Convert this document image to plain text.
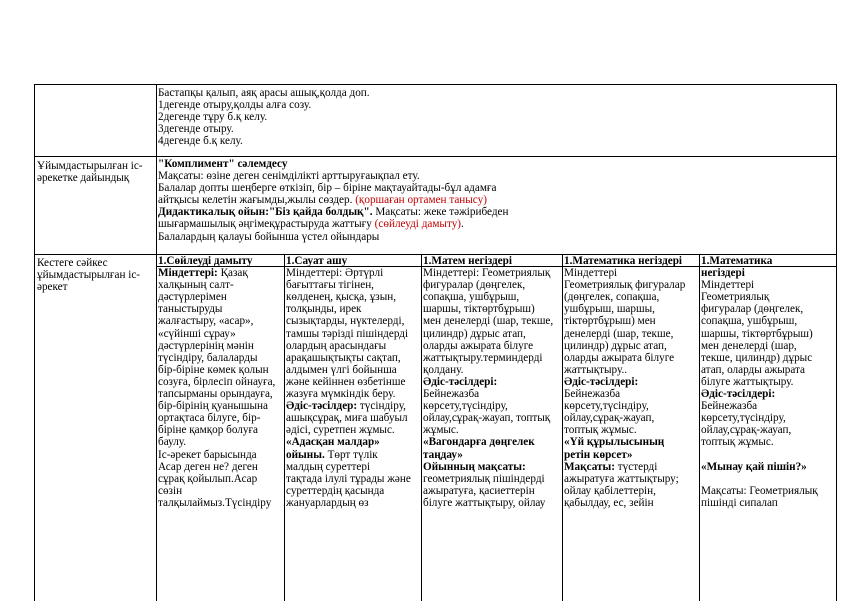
Бастапқы қалып, аяқ арасы ашық,қолда доп.

1дегенде отыру,қолды алға созу.

2дегенде тұру б.қ келу.

3дегенде отыру.

4дегенде б.қ келу.

Ұйымдастырылған іс-

әрекетке дайындық

"Комплимент" сәлемдесу

Мақсаты: өзіне деген сенімділікті арттыруғаықпал ету.

Балалар допты шеңберге өткізіп, бір – біріне мақтауайтады-бұл адамға

айтқысы келетін жағымды,жылы сөздер. (қоршаған ортамен танысу)

Дидактикалық ойын:"Біз қайда болдық". Мақсаты: жеке тәжірибеден

шығармашылық әңгімеқұрастыруда жаттығу (сөйлеуді дамыту).

Балалардың қалауы бойынша үстел ойындары

Кестеге сәйкес

ұйымдастырылған іс-

әрекет

1.Сөйлеуді дамыту

Міндеттері: Қазақ

халқының салт-

дәстүрлерімен

таныстыруды

жалғастыру, «асар»,

«сүйінші сұрау»

дәстүрлерінің мәнін

түсіндіру, балаларды

бір-біріне көмек қолын

созуға, бірлесіп ойнауға,

тапсырманы орындауға,

бір-бірінің қуанышына

ортақтаса білуге, бір-

біріне қамқор болуға

баулу.

Іс-әрекет барысында

Асар деген не? деген

сұрақ қойылып.Асар

сөзін

талқылаймыз.Түсіндіру

1.Сауат ашу

Міндеттері: Әртүрлі

бағыттағы тігінен,

көлденең, қысқа, ұзын,

толқынды, ирек

сызықтарды, нүктелерді,

тамшы тәрізді пішіндерді

олардың арасындағы

арақашықтықты сақтап,

алдымен үлгі бойынша

және кейіннен өзбетінше

жазуға мүмкіндік беру.

Әдіс-тәсілдер: түсіндіру,

ашықсұрақ, миға шабуыл

әдісі, суретпен жұмыс.

«Адасқан малдар»

ойыны. Төрт түлік

малдың суреттері

тақтада ілулі тұрады және

суреттердің қасында

жануарлардың өз

1.Матем негіздері

Міндеттері: Геометриялық

фигуралар (дөңгелек,

сопақша, ушбұрыш,

шаршы, тіктөртбұрыш)

мен денелерді (шар, текше,

цилиндр) дұрыс атап,

оларды ажырата білуге

жаттықтыру.терминдерді

қолдану.

Әдіс-тәсілдері:

Бейнежазба

көрсету,түсіндіру,

ойлау,сұрақ-жауап, топтық

жұмыс.

«Вагондарға дөңгелек

таңдау»

Ойынның мақсаты:

геометриялық пішіндерді

ажыратуға, қасиеттерін

білуге жаттықтыру, ойлау

1.Математика негіздері

Міндеттері

Геометриялық фигуралар

(дөңгелек, сопақша,

ушбұрыш, шаршы,

тіктөртбұрыш) мен

денелерді (шар, текше,

цилиндр) дұрыс атап,

оларды ажырата білуге

жаттықтыру..

Әдіс-тәсілдері:

Бейнежазба

көрсету,түсіндіру,

ойлау,сұрақ-жауап,

топтық жұмыс.

«Үй құрылысының

ретін көрсет»

Мақсаты: түстерді

ажыратуға жаттықтыру;

ойлау қабілеттерін,

қабылдау, ес, зейін

1.Математика

негіздері

Міндеттері

Геометриялық

фигуралар (дөңгелек,

сопақша, ушбұрыш,

шаршы, тіктөртбұрыш)

мен денелерді (шар,

текше, цилиндр) дұрыс

атап, оларды ажырата

білуге жаттықтыру.

Әдіс-тәсілдері:

Бейнежазба

көрсету,түсіндіру,

ойлау,сұрақ-жауап,

топтық жұмыс.

«Мынау қай пішін?»

Мақсаты: Геометриялық

пішінді сипалап
